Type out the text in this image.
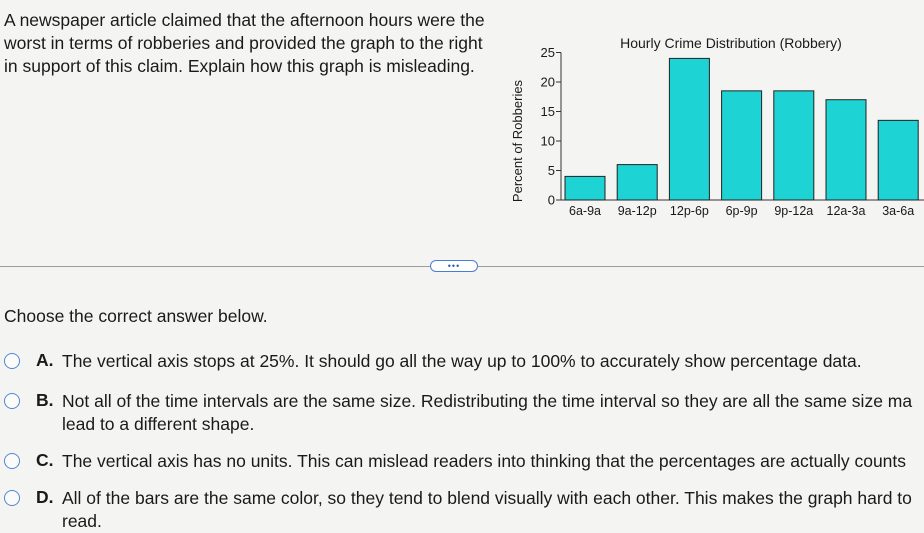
A newspaper article claimed that the afternoon hours were the
worst in terms of robberies and provided the graph to the right
in support of this claim. Explain how this graph is misleading.

Hourly Crime Distribution (Robbery)
Percent of Robberies 0
5
10
15
20
25
6a-9a 9a-12p 12p-6p 6p-9p 9p-12a 12a-3a 3a-6a
•••

Choose the correct answer below.

A. The vertical axis stops at 25%. It should go all the way up to 100% to accurately show percentage data.
B. Not all of the time intervals are the same size. Redistributing the time interval so they are all the same size ma
lead to a different shape.
C. The vertical axis has no units. This can mislead readers into thinking that the percentages are actually counts
D. All of the bars are the same color, so they tend to blend visually with each other. This makes the graph hard to
read.
